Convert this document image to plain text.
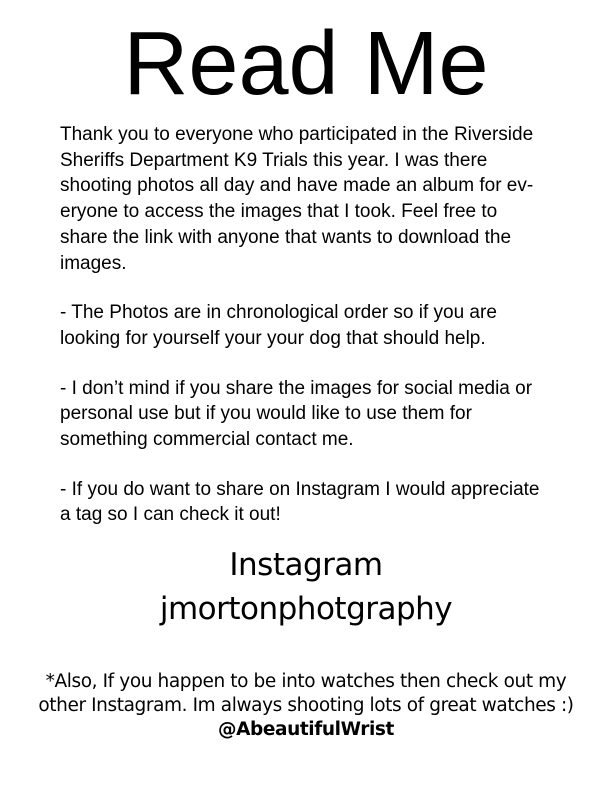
Read Me
Thank you to everyone who participated in the Riverside
Sheriffs Department K9 Trials this year. I was there
shooting photos all day and have made an album for ev-
eryone to access the images that I took. Feel free to
share the link with anyone that wants to download the
images.
- The Photos are in chronological order so if you are
looking for yourself your your dog that should help.
- I don’t mind if you share the images for social media or
personal use but if you would like to use them for
something commercial contact me.
- If you do want to share on Instagram I would appreciate
a tag so I can check it out!
Instagram
jmortonphotgraphy
*Also, If you happen to be into watches then check out my
other Instagram. Im always shooting lots of great watches :)
@AbeautifulWrist
